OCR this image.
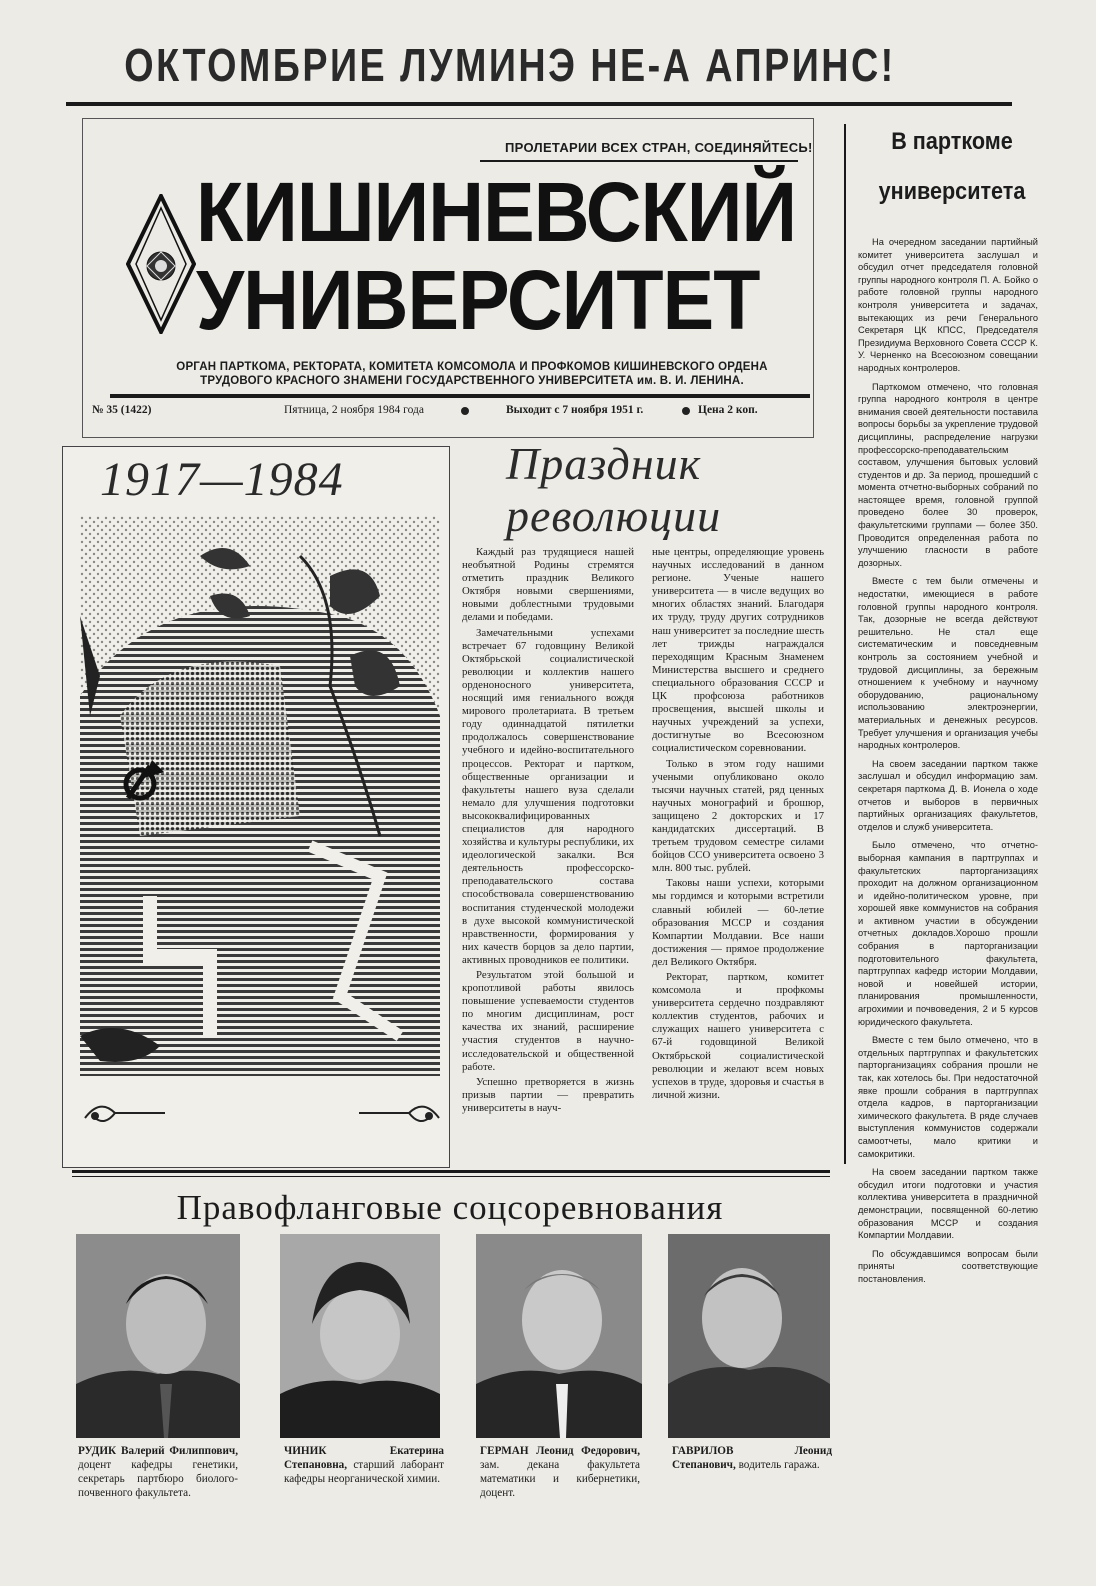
ОКТОМБРИЕ ЛУМИНЭ НЕ-А АПРИНС!
ПРОЛЕТАРИИ ВСЕХ СТРАН, СОЕДИНЯЙТЕСЬ!
КИШИНЕВСКИЙ
УНИВЕРСИТЕТ
ОРГАН ПАРТКОМА, РЕКТОРАТА, КОМИТЕТА КОМСОМОЛА И ПРОФКОМОВ КИШИНЕВСКОГО ОРДЕНА
ТРУДОВОГО КРАСНОГО ЗНАМЕНИ ГОСУДАРСТВЕННОГО УНИВЕРСИТЕТА им. В. И. ЛЕНИНА.
№ 35 (1422)	Пятница, 2 ноября 1984 года	Выходит с 7 ноября 1951 г.	Цена 2 коп.
В парткоме
университета

На очередном заседании партийный комитет университета заслушал и обсудил отчет председателя головной группы народного контроля П. А. Бойко о работе головной группы народного контроля университета и задачах, вытекающих из речи Генерального Секретаря ЦК КПСС, Председателя Президиума Верховного Совета СССР К. У. Черненко на Всесоюзном совещании народных контролеров.

Парткомом отмечено, что головная группа народного контроля в центре внимания своей деятельности поставила вопросы борьбы за укрепление трудовой дисциплины, распределение нагрузки профессорско-преподавательским составом, улучшения бытовых условий студентов и др. За период, прошедший с момента отчетно-выборных собраний по настоящее время, головной группой проведено более 30 проверок, факультетскими группами — более 350. Проводится определенная работа по улучшению гласности в работе дозорных.

Вместе с тем были отмечены и недостатки, имеющиеся в работе головной группы народного контроля. Так, дозорные не всегда действуют решительно. Не стал еще систематическим и повседневным контроль за состоянием учебной и трудовой дисциплины, за бережным отношением к учебному и научному оборудованию, рациональному использованию электроэнергии, материальных и денежных ресурсов. Требует улучшения и организация учебы народных контролеров.

На своем заседании партком также заслушал и обсудил информацию зам. секретаря парткома Д. В. Ионела о ходе отчетов и выборов в первичных партийных организациях факультетов, отделов и служб университета.

Было отмечено, что отчетно-выборная кампания в партгруппах и факультетских парторганизациях проходит на должном организационном и идейно-политическом уровне, при хорошей явке коммунистов на собрания и активном участии в обсуждении отчетных докладов.Хорошо прошли собрания в парторганизации подготовительного факультета, партгруппах кафедр истории Молдавии, новой и новейшей истории, планирования промышленности, агрохимии и почвоведения, 2 и 5 курсов юридического факультета.

Вместе с тем было отмечено, что в отдельных партгруппах и факультетских парторганизациях собрания прошли не так, как хотелось бы. При недостаточной явке прошли собрания в партгруппах отдела кадров, в парторганизации химического факультета. В ряде случаев выступления коммунистов содержали самоотчеты, мало критики и самокритики.

На своем заседании партком также обсудил итоги подготовки и участия коллектива университета в праздничной демонстрации, посвященной 60-летию образования МССР и создания Компартии Молдавии.

По обсуждавшимся вопросам были приняты соответствующие постановления.

1917—1984	Праздник
революции

Каждый раз трудящиеся нашей необъятной Родины стремятся отметить праздник Великого Октября новыми свершениями, новыми доблестными трудовыми делами и победами.

Замечательными успехами встречает 67 годовщину Великой Октябрьской социалистической революции и коллектив нашего орденоносного университета, носящий имя гениального вождя мирового пролетариата. В третьем году одиннадцатой пятилетки продолжалось совершенствование учебного и идейно-воспитательного процессов. Ректорат и партком, общественные организации и факультеты нашего вуза сделали немало для улучшения подготовки высококвалифицированных специалистов для народного хозяйства и культуры республики, их идеологической закалки. Вся деятельность профессорско-преподавательского состава способствовала совершенствованию воспитания студенческой молодежи в духе высокой коммунистической нравственности, формирования у них качеств борцов за дело партии, активных проводников ее политики.

Результатом этой большой и кропотливой работы явилось повышение успеваемости студентов по многим дисциплинам, рост качества их знаний, расширение участия студентов в научно-исследовательской и общественной работе.

Успешно претворяется в жизнь призыв партии — превратить университеты в науч-

ные центры, определяющие уровень научных исследований в данном регионе. Ученые нашего университета — в числе ведущих во многих областях знаний. Благодаря их труду, труду других сотрудников наш университет за последние шесть лет трижды награждался переходящим Красным Знаменем Министерства высшего и среднего специального образования СССР и ЦК профсоюза работников просвещения, высшей школы и научных учреждений за успехи, достигнутые во Всесоюзном социалистическом соревновании.

Только в этом году нашими учеными опубликовано около тысячи научных статей, ряд ценных научных монографий и брошюр, защищено 2 докторских и 17 кандидатских диссертаций. В третьем трудовом семестре силами бойцов ССО университета освоено 3 млн. 800 тыс. рублей.

Таковы наши успехи, которыми мы гордимся и которыми встретили славный юбилей — 60-летие образования МССР и создания Компартии Молдавии. Все наши достижения — прямое продолжение дел Великого Октября.

Ректорат, партком, комитет комсомола и профкомы университета сердечно поздравляют коллектив студентов, рабочих и служащих нашего университета с 67-й годовщиной Великой Октябрьской социалистической революции и желают всем новых успехов в труде, здоровья и счастья в личной жизни.

Правофланговые соцсоревнования
РУДИК Валерий Филиппович, доцент кафедры генетики, секретарь партбюро биолого-почвенного факультета.
ЧИНИК Екатерина Степановна, старший лаборант кафедры неорганической химии.
ГЕРМАН Леонид Федорович, зам. декана факультета математики и кибернетики, доцент.
ГАВРИЛОВ Леонид Степанович, водитель гаража.
